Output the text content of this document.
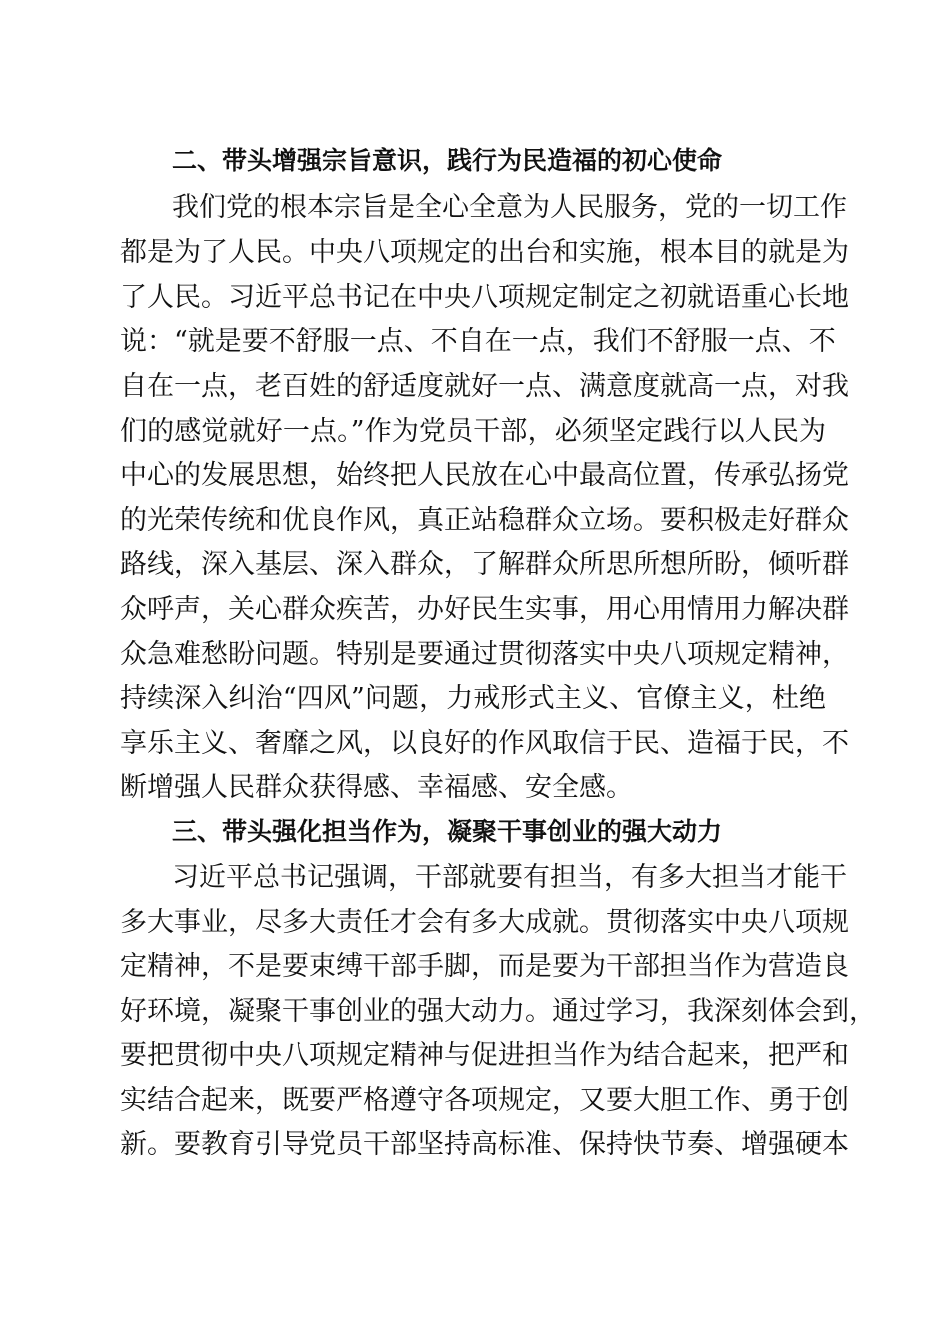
二、带头增强宗旨意识，践行为民造福的初心使命
我们党的根本宗旨是全心全意为人民服务，党的一切工作
都是为了人民。中央八项规定的出台和实施，根本目的就是为
了人民。习近平总书记在中央八项规定制定之初就语重心长地
说：“就是要不舒服一点、不自在一点，我们不舒服一点、不
自在一点，老百姓的舒适度就好一点、满意度就高一点，对我
们的感觉就好一点。”作为党员干部，必须坚定践行以人民为
中心的发展思想，始终把人民放在心中最高位置，传承弘扬党
的光荣传统和优良作风，真正站稳群众立场。要积极走好群众
路线，深入基层、深入群众，了解群众所思所想所盼，倾听群
众呼声，关心群众疾苦，办好民生实事，用心用情用力解决群
众急难愁盼问题。特别是要通过贯彻落实中央八项规定精神，
持续深入纠治“四风”问题，力戒形式主义、官僚主义，杜绝
享乐主义、奢靡之风，以良好的作风取信于民、造福于民，不
断增强人民群众获得感、幸福感、安全感。
三、带头强化担当作为，凝聚干事创业的强大动力
习近平总书记强调，干部就要有担当，有多大担当才能干
多大事业，尽多大责任才会有多大成就。贯彻落实中央八项规
定精神，不是要束缚干部手脚，而是要为干部担当作为营造良
好环境，凝聚干事创业的强大动力。通过学习，我深刻体会到，
要把贯彻中央八项规定精神与促进担当作为结合起来，把严和
实结合起来，既要严格遵守各项规定，又要大胆工作、勇于创
新。要教育引导党员干部坚持高标准、保持快节奏、增强硬本
